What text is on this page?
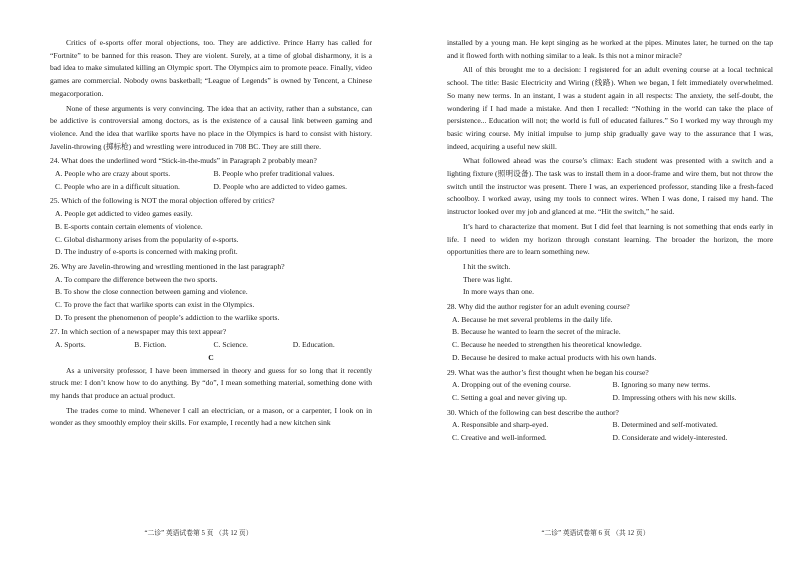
Critics of e-sports offer moral objections, too. They are addictive. Prince Harry has called for “Fortnite” to be banned for this reason. They are violent. Surely, at a time of global disharmony, it is a bad idea to make simulated killing an Olympic sport. The Olympics aim to promote peace. Finally, video games are commercial. Nobody owns basketball; “League of Legends” is owned by Tencent, a Chinese megacorporation.

None of these arguments is very convincing. The idea that an activity, rather than a substance, can be addictive is controversial among doctors, as is the existence of a causal link between gaming and violence. And the idea that warlike sports have no place in the Olympics is hard to consist with history. Javelin-throwing (掷标枪) and wrestling were introduced in 708 BC. They are still there.

24. What does the underlined word “Stick-in-the-muds” in Paragraph 2 probably mean?

A. People who are crazy about sports.	B. People who prefer traditional values.
C. People who are in a difficult situation.	D. People who are addicted to video games.

25. Which of the following is NOT the moral objection offered by critics?

A. People get addicted to video games easily.

B. E-sports contain certain elements of violence.

C. Global disharmony arises from the popularity of e-sports.

D. The industry of e-sports is concerned with making profit.

26. Why are Javelin-throwing and wrestling mentioned in the last paragraph?

A. To compare the difference between the two sports.

B. To show the close connection between gaming and violence.

C. To prove the fact that warlike sports can exist in the Olympics.

D. To present the phenomenon of people’s addiction to the warlike sports.

27. In which section of a newspaper may this text appear?

A. Sports.	B. Fiction.	C. Science.	D. Education.

C

As a university professor, I have been immersed in theory and guess for so long that it recently struck me: I don’t know how to do anything. By “do”, I mean something material, something done with my hands that produce an actual product.

The trades come to mind. Whenever I call an electrician, or a mason, or a carpenter, I look on in wonder as they smoothly employ their skills. For example, I recently had a new kitchen sink

“二诊” 英语试卷第 5 页 （共 12 页）

installed by a young man. He kept singing as he worked at the pipes. Minutes later, he turned on the tap and it flowed forth with nothing similar to a leak. Is this not a minor miracle?

All of this brought me to a decision: I registered for an adult evening course at a local technical school. The title: Basic Electricity and Wiring (线路). When we began, I felt immediately overwhelmed. So many new terms. In an instant, I was a student again in all respects: The anxiety, the self-doubt, the wondering if I had made a mistake. And then I recalled: “Nothing in the world can take the place of persistence... Education will not; the world is full of educated failures.” So I worked my way through my basic wiring course. My initial impulse to jump ship gradually gave way to the assurance that I was, indeed, acquiring a useful new skill.

What followed ahead was the course’s climax: Each student was presented with a switch and a lighting fixture (照明设备). The task was to install them in a door-frame and wire them, but not throw the switch until the instructor was present. There I was, an experienced professor, standing like a fresh-faced schoolboy. I worked away, using my tools to connect wires. When I was done, I raised my hand. The instructor looked over my job and glanced at me. “Hit the switch,” he said.

It’s hard to characterize that moment. But I did feel that learning is not something that ends early in life. I need to widen my horizon through constant learning. The broader the horizon, the more opportunities there are to learn something new.

I hit the switch.

There was light.

In more ways than one.

28. Why did the author register for an adult evening course?

A. Because he met several problems in the daily life.

B. Because he wanted to learn the secret of the miracle.

C. Because he needed to strengthen his theoretical knowledge.

D. Because he desired to make actual products with his own hands.

29. What was the author’s first thought when he began his course?

A. Dropping out of the evening course.	B. Ignoring so many new terms.
C. Setting a goal and never giving up.	D. Impressing others with his new skills.

30. Which of the following can best describe the author?

A. Responsible and sharp-eyed.	B. Determined and self-motivated.
C. Creative and well-informed.	D. Considerate and widely-interested.
“二诊” 英语试卷第 6 页 （共 12 页）
